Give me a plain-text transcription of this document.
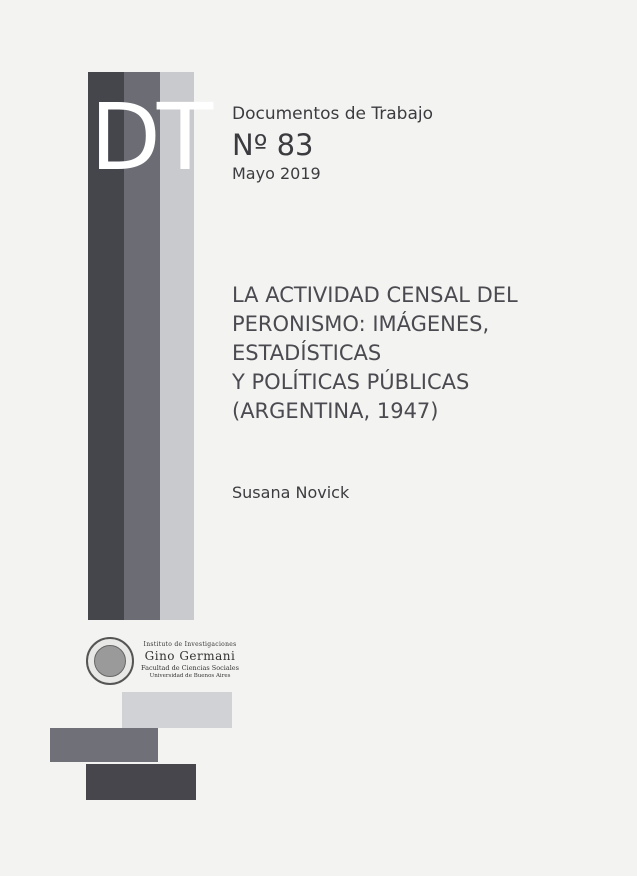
DT Documentos de Trabajo
Nº 83
Mayo 2019
LA ACTIVIDAD CENSAL DEL
PERONISMO: IMÁGENES,
ESTADÍSTICAS
Y POLÍTICAS PÚBLICAS
(ARGENTINA, 1947)
Susana Novick
Instituto de Investigaciones
Gino Germani
Facultad de Ciencias Sociales
Universidad de Buenos Aires
